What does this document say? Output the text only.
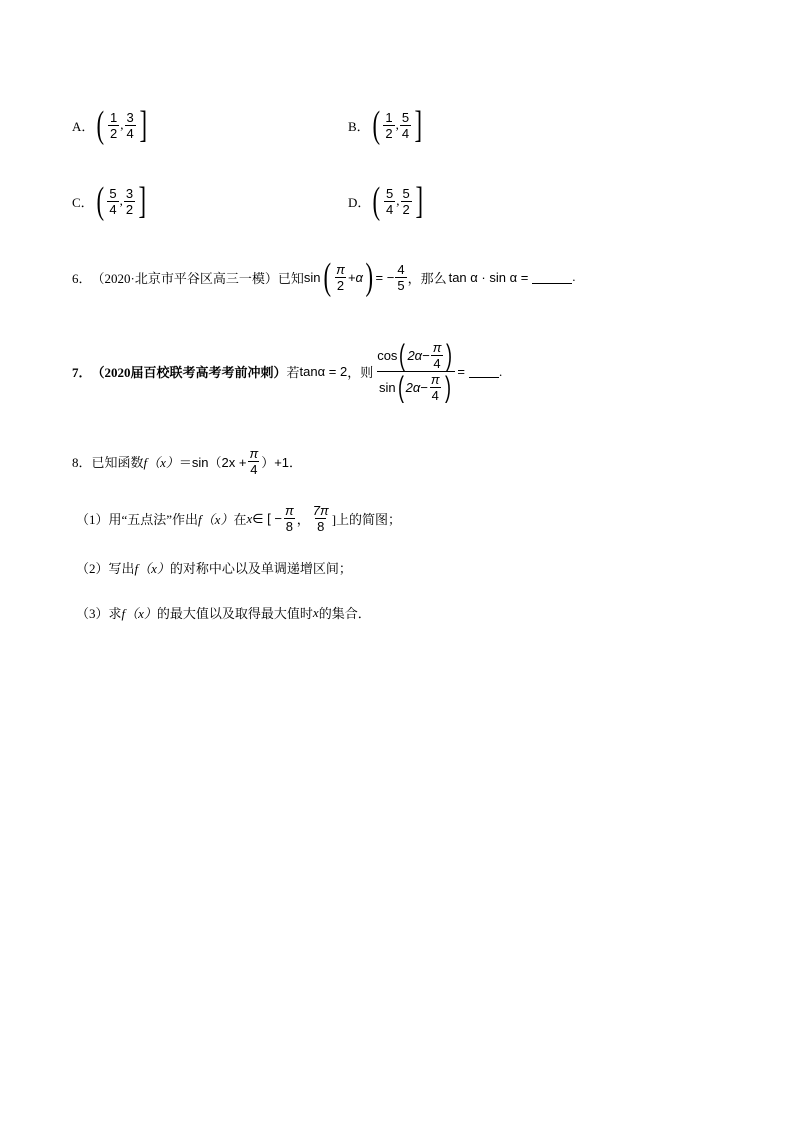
A． ( $\frac{1}{2}$ , $\frac{3}{4}$ ]	B． ( $\frac{1}{2}$ , $\frac{5}{4}$ ]
C． ( $\frac{5}{4}$ , $\frac{3}{2}$ ]	D． ( $\frac{5}{4}$ , $\frac{5}{2}$ ]
6． （2020·北京市平谷区高三一模） 已知 sin ( $\frac{\pi}{2} +\alpha$ ) = − $\frac{4}{5}$ ，那么 tan α · sin α =	.
7． （2020届百校联考高考考前冲刺） 若 tanα = 2 ，则 $\frac{\cos ( 2\alpha- \frac{\pi}{4} )}{\sin ( 2\alpha- \frac{\pi}{4} )}$ =	.
8． 已知函数 $f(x) =\sin(2x + \frac{\pi}{4} )+1$．
（1）用“五点法”作出 f（x） 在 x ∈ [ − $\frac{\pi}{8}$ ， $\frac{7\pi}{8}$ ]上的简图；
（2）写出 f（x） 的对称中心以及单调递增区间；
（3）求 f（x） 的最大值以及取得最大值时 x 的集合．
